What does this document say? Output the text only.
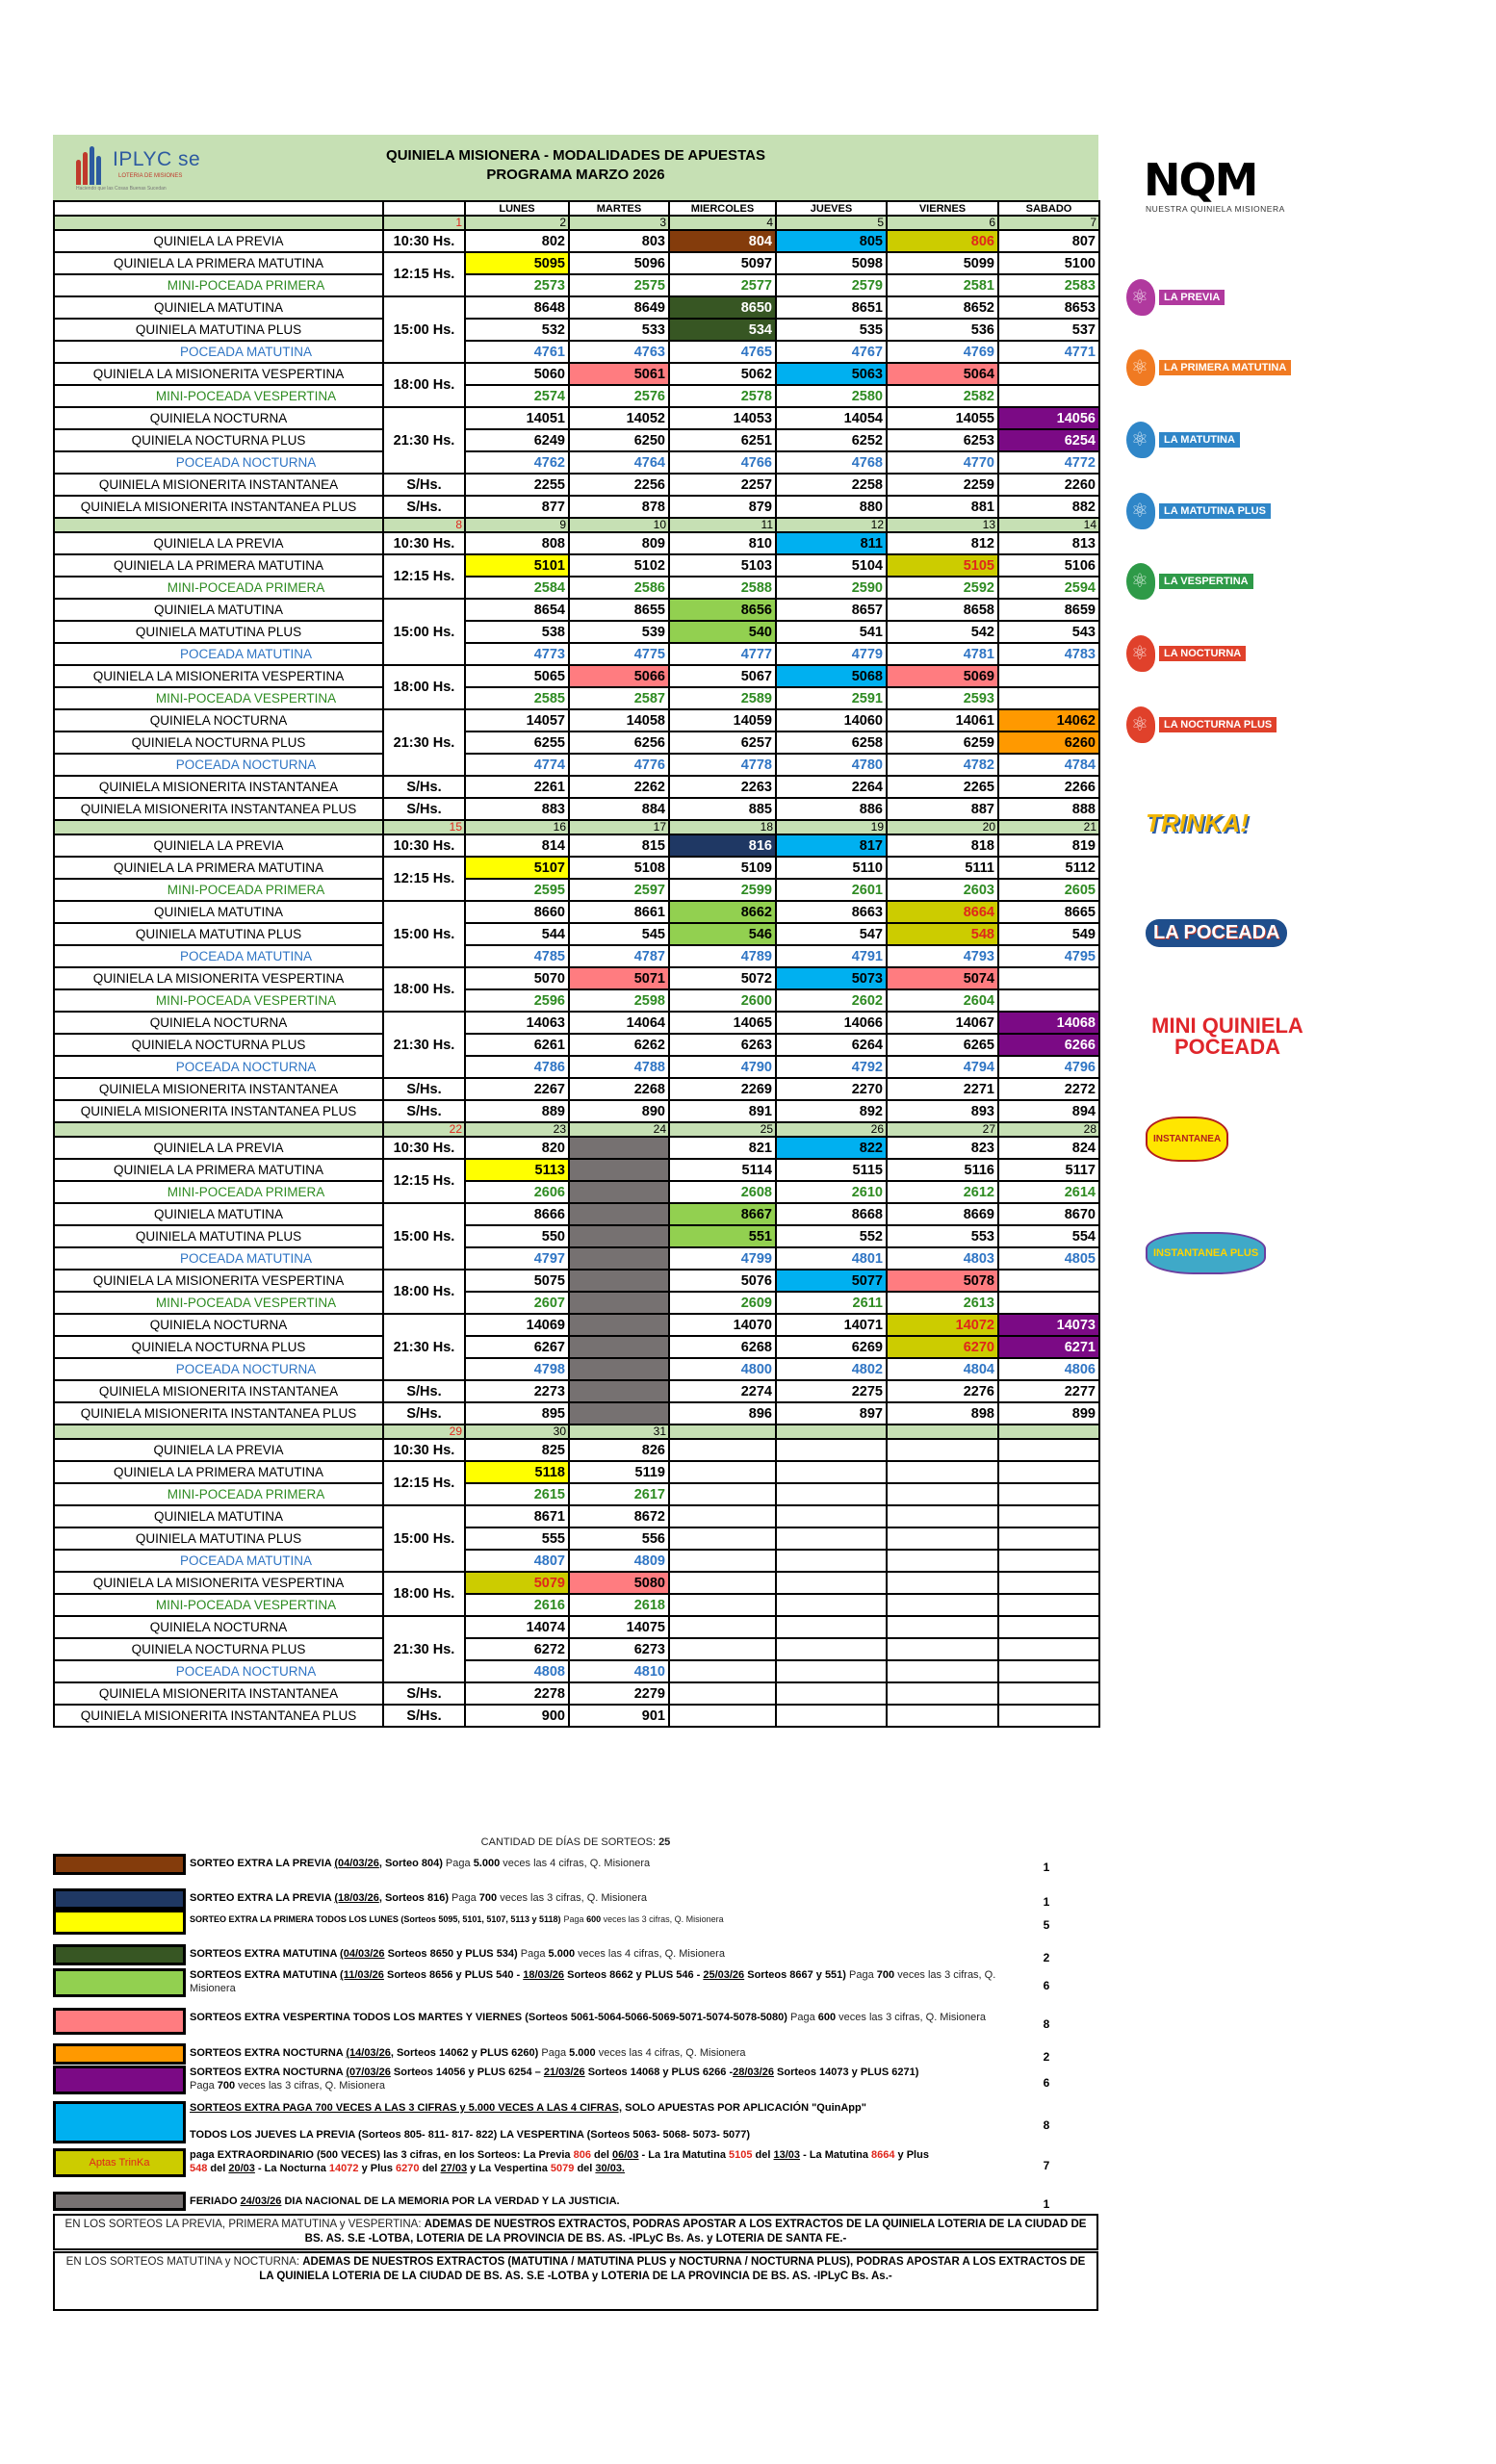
IPLYC se
LOTERIA DE MISIONES
Haciendo que las Cosas Buenas Sucedan
QUINIELA MISIONERA - MODALIDADES DE APUESTAS
PROGRAMA MARZO 2026
		LUNES	MARTES	MIERCOLES	JUEVES	VIERNES	SABADO
	1	2	3	4	5	6	7
QUINIELA LA PREVIA	10:30 Hs.	802	803	804	805	806	807
QUINIELA LA PRIMERA MATUTINA	12:15 Hs.	5095	5096	5097	5098	5099	5100
MINI-POCEADA PRIMERA		2573	2575	2577	2579	2581	2583
QUINIELA MATUTINA	15:00 Hs.	8648	8649	8650	8651	8652	8653
QUINIELA MATUTINA PLUS		532	533	534	535	536	537
POCEADA MATUTINA		4761	4763	4765	4767	4769	4771
QUINIELA LA MISIONERITA VESPERTINA	18:00 Hs.	5060	5061	5062	5063	5064	
MINI-POCEADA VESPERTINA		2574	2576	2578	2580	2582	
QUINIELA NOCTURNA	21:30 Hs.	14051	14052	14053	14054	14055	14056
QUINIELA NOCTURNA PLUS		6249	6250	6251	6252	6253	6254
POCEADA NOCTURNA		4762	4764	4766	4768	4770	4772
QUINIELA MISIONERITA INSTANTANEA	S/Hs.	2255	2256	2257	2258	2259	2260
QUINIELA MISIONERITA INSTANTANEA PLUS	S/Hs.	877	878	879	880	881	882
	8	9	10	11	12	13	14
QUINIELA LA PREVIA	10:30 Hs.	808	809	810	811	812	813
QUINIELA LA PRIMERA MATUTINA	12:15 Hs.	5101	5102	5103	5104	5105	5106
MINI-POCEADA PRIMERA		2584	2586	2588	2590	2592	2594
QUINIELA MATUTINA	15:00 Hs.	8654	8655	8656	8657	8658	8659
QUINIELA MATUTINA PLUS		538	539	540	541	542	543
POCEADA MATUTINA		4773	4775	4777	4779	4781	4783
QUINIELA LA MISIONERITA VESPERTINA	18:00 Hs.	5065	5066	5067	5068	5069	
MINI-POCEADA VESPERTINA		2585	2587	2589	2591	2593	
QUINIELA NOCTURNA	21:30 Hs.	14057	14058	14059	14060	14061	14062
QUINIELA NOCTURNA PLUS		6255	6256	6257	6258	6259	6260
POCEADA NOCTURNA		4774	4776	4778	4780	4782	4784
QUINIELA MISIONERITA INSTANTANEA	S/Hs.	2261	2262	2263	2264	2265	2266
QUINIELA MISIONERITA INSTANTANEA PLUS	S/Hs.	883	884	885	886	887	888
	15	16	17	18	19	20	21
QUINIELA LA PREVIA	10:30 Hs.	814	815	816	817	818	819
QUINIELA LA PRIMERA MATUTINA	12:15 Hs.	5107	5108	5109	5110	5111	5112
MINI-POCEADA PRIMERA		2595	2597	2599	2601	2603	2605
QUINIELA MATUTINA	15:00 Hs.	8660	8661	8662	8663	8664	8665
QUINIELA MATUTINA PLUS		544	545	546	547	548	549
POCEADA MATUTINA		4785	4787	4789	4791	4793	4795
QUINIELA LA MISIONERITA VESPERTINA	18:00 Hs.	5070	5071	5072	5073	5074	
MINI-POCEADA VESPERTINA		2596	2598	2600	2602	2604	
QUINIELA NOCTURNA	21:30 Hs.	14063	14064	14065	14066	14067	14068
QUINIELA NOCTURNA PLUS		6261	6262	6263	6264	6265	6266
POCEADA NOCTURNA		4786	4788	4790	4792	4794	4796
QUINIELA MISIONERITA INSTANTANEA	S/Hs.	2267	2268	2269	2270	2271	2272
QUINIELA MISIONERITA INSTANTANEA PLUS	S/Hs.	889	890	891	892	893	894
	22	23	24	25	26	27	28
QUINIELA LA PREVIA	10:30 Hs.	820		821	822	823	824
QUINIELA LA PRIMERA MATUTINA	12:15 Hs.	5113		5114	5115	5116	5117
MINI-POCEADA PRIMERA		2606		2608	2610	2612	2614
QUINIELA MATUTINA	15:00 Hs.	8666		8667	8668	8669	8670
QUINIELA MATUTINA PLUS		550		551	552	553	554
POCEADA MATUTINA		4797		4799	4801	4803	4805
QUINIELA LA MISIONERITA VESPERTINA	18:00 Hs.	5075		5076	5077	5078	
MINI-POCEADA VESPERTINA		2607		2609	2611	2613	
QUINIELA NOCTURNA	21:30 Hs.	14069		14070	14071	14072	14073
QUINIELA NOCTURNA PLUS		6267		6268	6269	6270	6271
POCEADA NOCTURNA		4798		4800	4802	4804	4806
QUINIELA MISIONERITA INSTANTANEA	S/Hs.	2273		2274	2275	2276	2277
QUINIELA MISIONERITA INSTANTANEA PLUS	S/Hs.	895		896	897	898	899
	29	30	31				
QUINIELA LA PREVIA	10:30 Hs.	825	826				
QUINIELA LA PRIMERA MATUTINA	12:15 Hs.	5118	5119				
MINI-POCEADA PRIMERA		2615	2617				
QUINIELA MATUTINA	15:00 Hs.	8671	8672				
QUINIELA MATUTINA PLUS		555	556				
POCEADA MATUTINA		4807	4809				
QUINIELA LA MISIONERITA VESPERTINA	18:00 Hs.	5079	5080				
MINI-POCEADA VESPERTINA		2616	2618				
QUINIELA NOCTURNA	21:30 Hs.	14074	14075				
QUINIELA NOCTURNA PLUS		6272	6273				
POCEADA NOCTURNA		4808	4810				
QUINIELA MISIONERITA INSTANTANEA	S/Hs.	2278	2279				
QUINIELA MISIONERITA INSTANTANEA PLUS	S/Hs.	900	901				
CANTIDAD DE DÍAS DE SORTEOS: 25
SORTEO EXTRA LA PREVIA (04/03/26, Sorteo 804) Paga 5.000 veces las 4 cifras, Q. Misionera	1
SORTEO EXTRA LA PREVIA (18/03/26, Sorteos 816) Paga 700 veces las 3 cifras, Q. Misionera	1
SORTEO EXTRA LA PRIMERA TODOS LOS LUNES (Sorteos 5095, 5101, 5107, 5113 y 5118) Paga 600 veces las 3 cifras, Q. Misionera	5
SORTEOS EXTRA MATUTINA (04/03/26 Sorteos 8650 y PLUS 534) Paga 5.000 veces las 4 cifras, Q. Misionera	2
SORTEOS EXTRA MATUTINA (11/03/26 Sorteos 8656 y PLUS 540 - 18/03/26 Sorteos 8662 y PLUS 546 - 25/03/26 Sorteos 8667 y 551) Paga 700 veces las 3 cifras, Q. Misionera	6
SORTEOS EXTRA VESPERTINA TODOS LOS MARTES Y VIERNES (Sorteos 5061-5064-5066-5069-5071-5074-5078-5080) Paga 600 veces las 3 cifras, Q. Misionera	8
SORTEOS EXTRA NOCTURNA (14/03/26, Sorteos 14062 y PLUS 6260) Paga 5.000 veces las 4 cifras, Q. Misionera	2
SORTEOS EXTRA NOCTURNA (07/03/26 Sorteos 14056 y PLUS 6254 – 21/03/26 Sorteos 14068 y PLUS 6266 -28/03/26 Sorteos 14073 y PLUS 6271)
Paga 700 veces las 3 cifras, Q. Misionera	6
SORTEOS EXTRA PAGA 700 VECES A LAS 3 CIFRAS y 5.000 VECES A LAS 4 CIFRAS, SOLO APUESTAS POR APLICACIÓN "QuinApp"

TODOS LOS JUEVES LA PREVIA (Sorteos 805- 811- 817- 822) LA VESPERTINA (Sorteos 5063- 5068- 5073- 5077)
8
Aptas TrinKa
paga EXTRAORDINARIO (500 VECES) las 3 cifras, en los Sorteos: La Previa 806 del 06/03 - La 1ra Matutina 5105 del 13/03 - La Matutina 8664 y Plus
548 del 20/03 - La Nocturna 14072 y Plus 6270 del 27/03 y La Vespertina 5079 del 30/03.	7
FERIADO 24/03/26 DIA NACIONAL DE LA MEMORIA POR LA VERDAD Y LA JUSTICIA.	1
EN LOS SORTEOS LA PREVIA, PRIMERA MATUTINA y VESPERTINA: ADEMAS DE NUESTROS EXTRACTOS, PODRAS APOSTAR A LOS EXTRACTOS DE LA QUINIELA LOTERIA DE LA CIUDAD DE BS. AS. S.E -LOTBA, LOTERIA DE LA PROVINCIA DE BS. AS. -IPLyC Bs. As. y LOTERIA DE SANTA FE.-
EN LOS SORTEOS MATUTINA y NOCTURNA: ADEMAS DE NUESTROS EXTRACTOS (MATUTINA / MATUTINA PLUS y NOCTURNA / NOCTURNA PLUS), PODRAS APOSTAR A LOS EXTRACTOS DE LA QUINIELA LOTERIA DE LA CIUDAD DE BS. AS. S.E -LOTBA y LOTERIA DE LA PROVINCIA DE BS. AS. -IPLyC Bs. As.-
NQM
NUESTRA QUINIELA MISIONERA
⚛
LA PREVIA
⚛
LA PRIMERA MATUTINA
⚛
LA MATUTINA
⚛
LA MATUTINA PLUS
⚛
LA VESPERTINA
⚛
LA NOCTURNA
⚛
LA NOCTURNA PLUS
TRINKA!
LA POCEADA
MINI QUINIELA POCEADA
INSTANTANEA
INSTANTANEA PLUS
